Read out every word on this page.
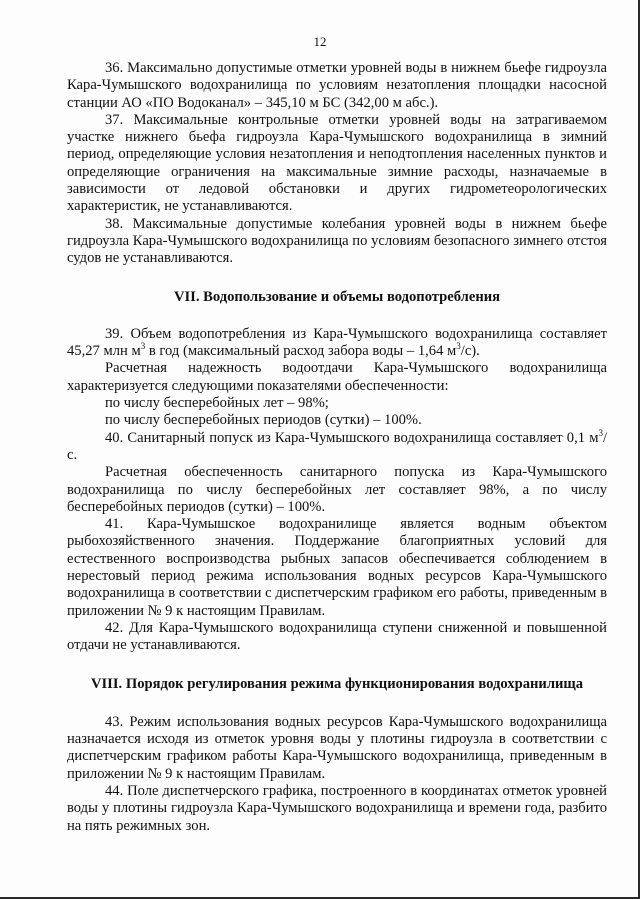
12

36. Максимально допустимые отметки уровней воды в нижнем бьефе гидроузла Кара-Чумышского водохранилища по условиям незатопления площадки насосной станции АО «ПО Водоканал» – 345,10 м БС (342,00 м абс.).

37. Максимальные контрольные отметки уровней воды на затрагиваемом участке нижнего бьефа гидроузла Кара-Чумышского водохранилища в зимний период, определяющие условия незатопления и неподтопления населенных пунктов и определяющие ограничения на максимальные зимние расходы, назначаемые в зависимости от ледовой обстановки и других гидрометеорологических характеристик, не устанавливаются.

38. Максимальные допустимые колебания уровней воды в нижнем бьефе гидроузла Кара-Чумышского водохранилища по условиям безопасного зимнего отстоя судов не устанавливаются.

VII. Водопользование и объемы водопотребления

39. Объем водопотребления из Кара-Чумышского водохранилища составляет 45,27 млн $м^3$ в год (максимальный расход забора воды – 1,64 $м^3/с$).

Расчетная надежность водоотдачи Кара-Чумышского водохранилища характеризуется следующими показателями обеспеченности:

по числу бесперебойных лет – 98%;

по числу бесперебойных периодов (сутки) – 100%.

40. Санитарный попуск из Кара-Чумышского водохранилища составляет 0,1 $м^3/с$.

Расчетная обеспеченность санитарного попуска из Кара-Чумышского водохранилища по числу бесперебойных лет составляет 98%, а по числу бесперебойных периодов (сутки) – 100%.

41. Кара-Чумышское водохранилище является водным объектом рыбохозяйственного значения. Поддержание благоприятных условий для естественного воспроизводства рыбных запасов обеспечивается соблюдением в нерестовый период режима использования водных ресурсов Кара-Чумышского водохранилища в соответствии с диспетчерским графиком его работы, приведенным в приложении № 9 к настоящим Правилам.

42. Для Кара-Чумышского водохранилища ступени сниженной и повышенной отдачи не устанавливаются.

VIII. Порядок регулирования режима функционирования водохранилища

43. Режим использования водных ресурсов Кара-Чумышского водохранилища назначается исходя из отметок уровня воды у плотины гидроузла в соответствии с диспетчерским графиком работы Кара-Чумышского водохранилища, приведенным в приложении № 9 к настоящим Правилам.

44. Поле диспетчерского графика, построенного в координатах отметок уровней воды у плотины гидроузла Кара-Чумышского водохранилища и времени года, разбито на пять режимных зон.
